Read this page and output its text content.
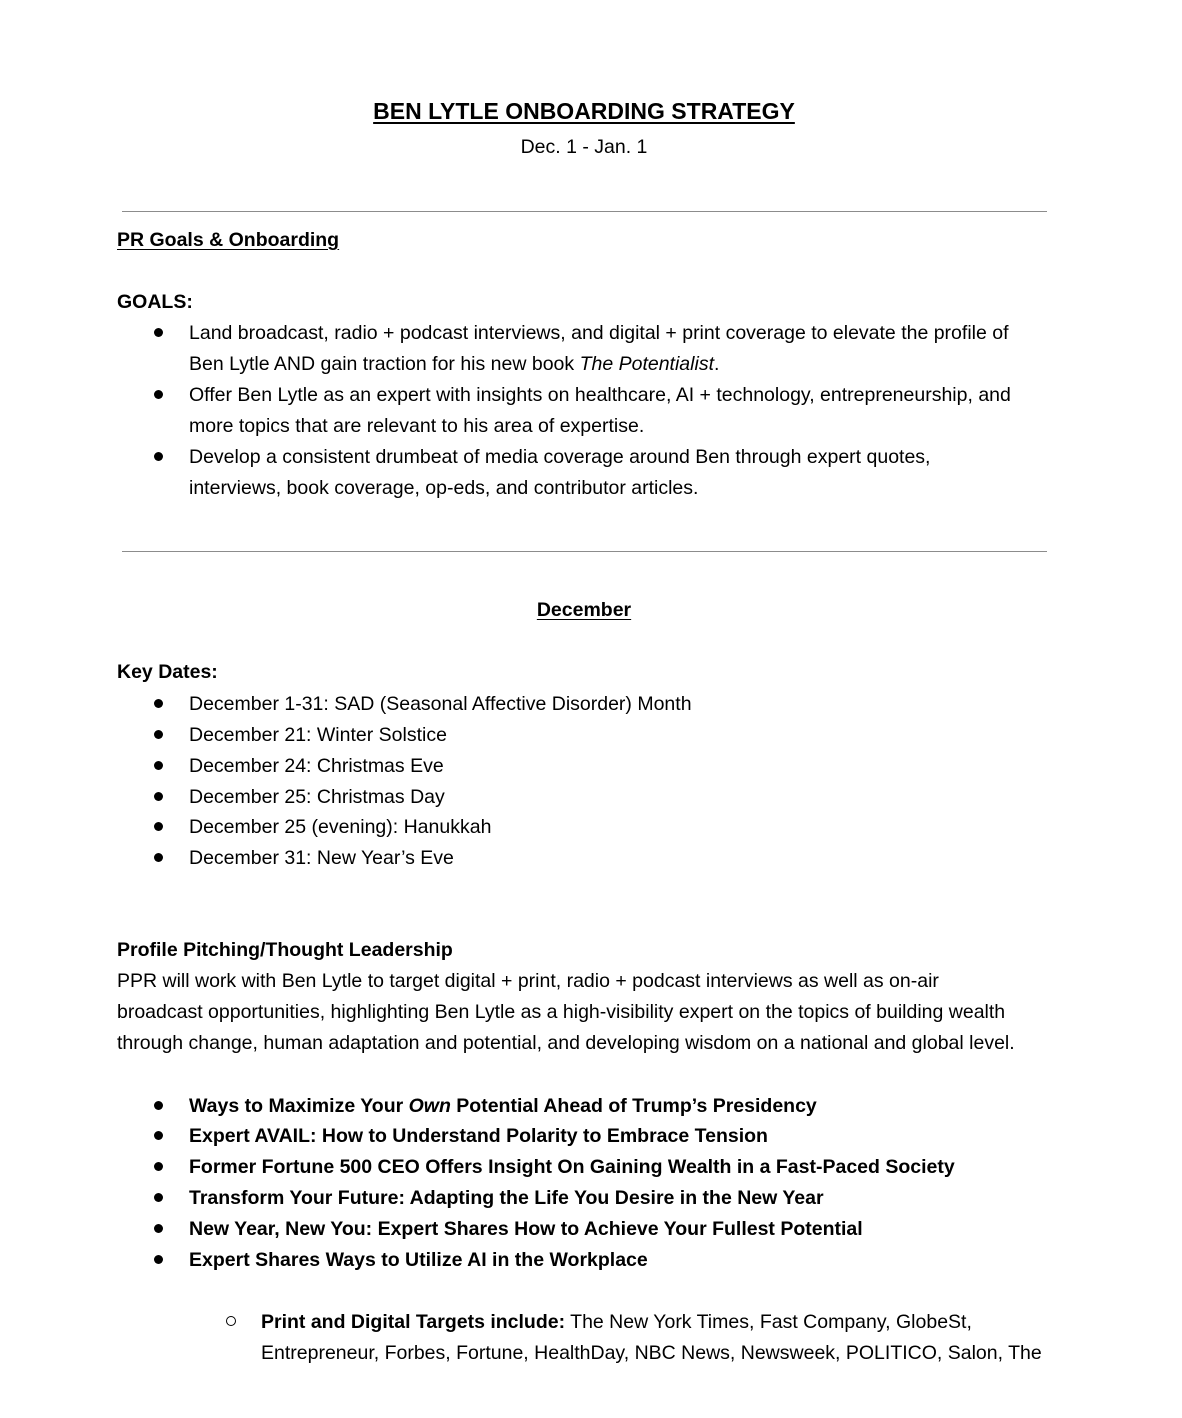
BEN LYTLE ONBOARDING STRATEGY
Dec. 1 - Jan. 1
PR Goals & Onboarding
GOALS:
Land broadcast, radio + podcast interviews, and digital + print coverage to elevate the profile of
Ben Lytle AND gain traction for his new book The Potentialist.
Offer Ben Lytle as an expert with insights on healthcare, AI + technology, entrepreneurship, and
more topics that are relevant to his area of expertise.
Develop a consistent drumbeat of media coverage around Ben through expert quotes,
interviews, book coverage, op-eds, and contributor articles.
December
Key Dates:
December 1-31: SAD (Seasonal Affective Disorder) Month
December 21: Winter Solstice
December 24: Christmas Eve
December 25: Christmas Day
December 25 (evening): Hanukkah
December 31: New Year’s Eve
Profile Pitching/Thought Leadership
PPR will work with Ben Lytle to target digital + print, radio + podcast interviews as well as on-air
broadcast opportunities, highlighting Ben Lytle as a high-visibility expert on the topics of building wealth
through change, human adaptation and potential, and developing wisdom on a national and global level.
Ways to Maximize Your Own Potential Ahead of Trump’s Presidency
Expert AVAIL: How to Understand Polarity to Embrace Tension
Former Fortune 500 CEO Offers Insight On Gaining Wealth in a Fast-Paced Society
Transform Your Future: Adapting the Life You Desire in the New Year
New Year, New You: Expert Shares How to Achieve Your Fullest Potential
Expert Shares Ways to Utilize AI in the Workplace
Print and Digital Targets include: The New York Times, Fast Company, GlobeSt,
Entrepreneur, Forbes, Fortune, HealthDay, NBC News, Newsweek, POLITICO, Salon, The
